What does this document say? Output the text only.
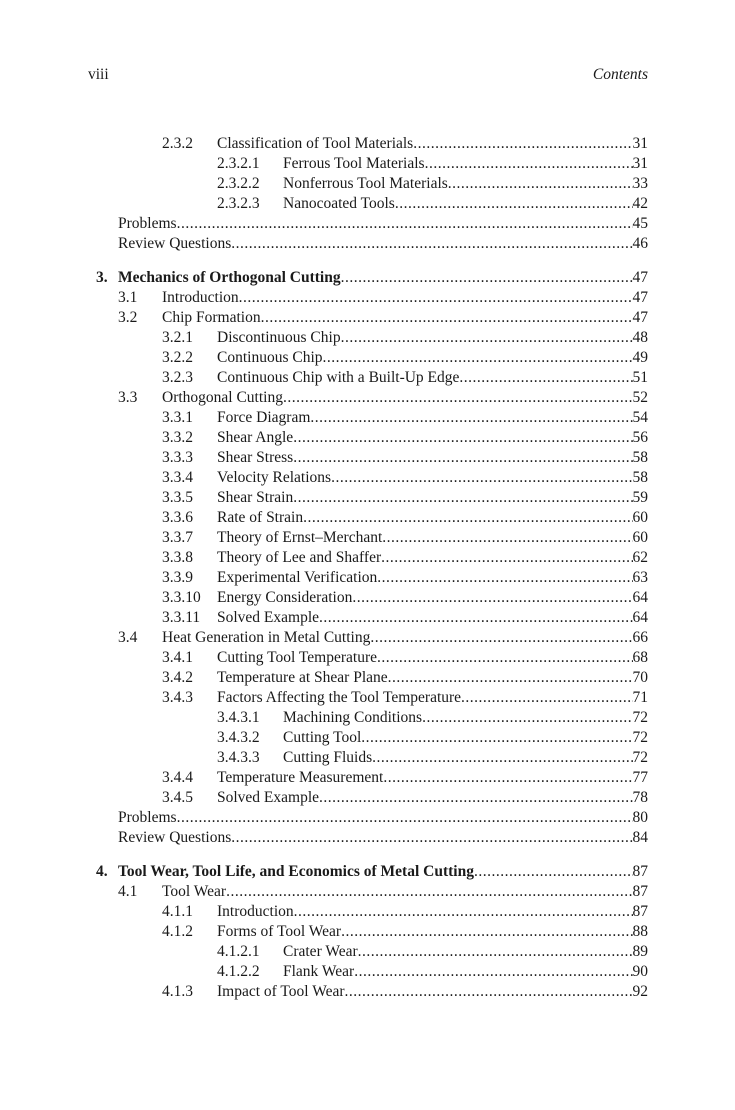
viii	Contents
2.3.2 Classification of Tool Materials .....	31
2.3.2.1 Ferrous Tool Materials .....	31
2.3.2.2 Nonferrous Tool Materials .....	33
2.3.2.3 Nanocoated Tools .....	42
Problems .....	45
Review Questions .....	46
3. Mechanics of Orthogonal Cutting .....	47
3.1 Introduction .....	47
3.2 Chip Formation .....	47
3.2.1 Discontinuous Chip .....	48
3.2.2 Continuous Chip .....	49
3.2.3 Continuous Chip with a Built-Up Edge .....	51
3.3 Orthogonal Cutting .....	52
3.3.1 Force Diagram .....	54
3.3.2 Shear Angle .....	56
3.3.3 Shear Stress .....	58
3.3.4 Velocity Relations .....	58
3.3.5 Shear Strain .....	59
3.3.6 Rate of Strain .....	60
3.3.7 Theory of Ernst–Merchant .....	60
3.3.8 Theory of Lee and Shaffer .....	62
3.3.9 Experimental Verification .....	63
3.3.10 Energy Consideration .....	64
3.3.11 Solved Example .....	64
3.4 Heat Generation in Metal Cutting .....	66
3.4.1 Cutting Tool Temperature .....	68
3.4.2 Temperature at Shear Plane .....	70
3.4.3 Factors Affecting the Tool Temperature .....	71
3.4.3.1 Machining Conditions .....	72
3.4.3.2 Cutting Tool .....	72
3.4.3.3 Cutting Fluids .....	72
3.4.4 Temperature Measurement .....	77
3.4.5 Solved Example .....	78
Problems .....	80
Review Questions .....	84
4. Tool Wear, Tool Life, and Economics of Metal Cutting .....	87
4.1 Tool Wear .....	87
4.1.1 Introduction .....	87
4.1.2 Forms of Tool Wear .....	88
4.1.2.1 Crater Wear .....	89
4.1.2.2 Flank Wear .....	90
4.1.3 Impact of Tool Wear .....	92
